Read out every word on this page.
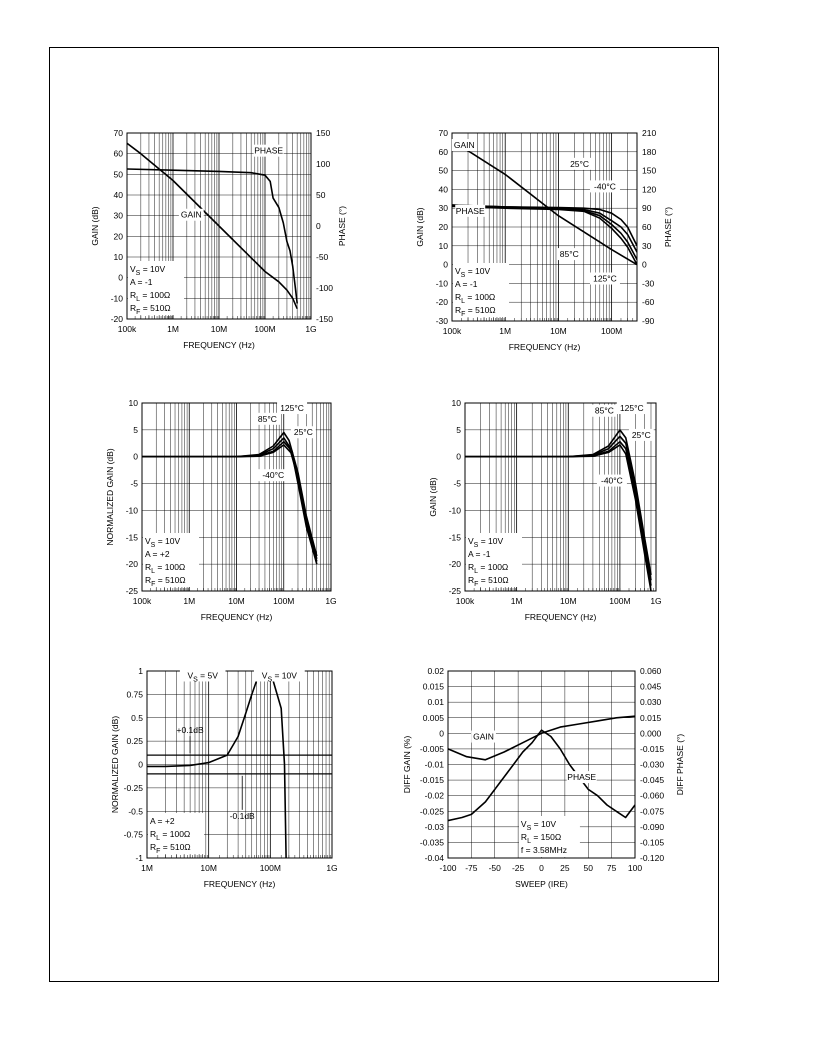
100k	1M	10M	100M	1G
-20
-10
0
10
20
30
40
50
60
70
-150
-100
-50
0
50
100
150
FREQUENCY (Hz)
GAIN (dB)	PHASE (°)
PHASE
GAIN
$V_S = 10V$
A = -1
$R_L = 100\Omega$
$R_F = 510\Omega$
100k	1M	10M	100M
-30
-20
-10
0
10
20
30
40
50
60
70
-90
-60
-30
0
30
60
90
120
150
180
210
FREQUENCY (Hz)
GAIN (dB)	PHASE (°)
GAIN
PHASE
25°C
-40°C
85°C
125°C
$V_S = 10V$
A = -1
$R_L = 100\Omega$
$R_F = 510\Omega$
100k	1M	10M	100M	1G
-25
-20
-15
-10
-5
0
5
10
FREQUENCY (Hz)
NORMALIZED GAIN (dB)
125°C
85°C
25°C
-40°C
$V_S = 10V$
A = +2
$R_L = 100\Omega$
$R_F = 510\Omega$
100k	1M	10M	100M 1G
-25
-20
-15
-10
-5
0
5
10
FREQUENCY (Hz)
GAIN (dB)
125°C
85°C
25°C
-40°C
$V_S = 10V$
A = -1
$R_L = 100\Omega$
$R_F = 510\Omega$
1M	10M	100M	1G
-1
-0.75
-0.5
-0.25
0
0.25
0.5
0.75
1
FREQUENCY (Hz)
NORMALIZED GAIN (dB)	+0.1dB
-0.1dB
$V_S = 5V$	$V_S = 10V$
A = +2
$R_L = 100\Omega$
$R_F = 510\Omega$
-100 -75 -50 -25 0 25 50 75 100
-0.04
-0.035
-0.03
-0.025
-0.02
-0.015
-0.01
-0.005
0
0.005
0.01
0.015
0.02
-0.120
-0.105
-0.090
-0.075
-0.060
-0.045
-0.030
-0.015
0.000
0.015
0.030
0.045
0.060
SWEEP (IRE)
DIFF GAIN (%)	DIFF PHASE (°)
GAIN
PHASE
$V_S = 10V$
$R_L = 150\Omega$
f = 3.58MHz
